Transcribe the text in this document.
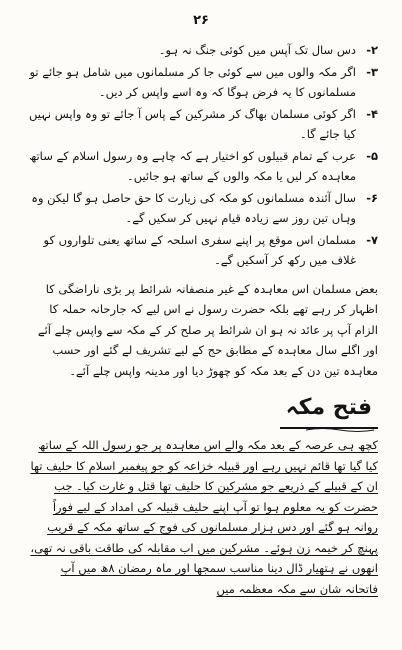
۲۶
۲-
دس سال تک آپس میں کوئی جنگ نہ ہو۔
۳-
اگر مکہ والوں میں سے کوئی جا کر مسلمانوں میں شامل ہو جائے تو مسلمانوں کا یہ فرض ہوگا کہ وہ اسے واپس کر دیں۔
۴-
اگر کوئی مسلمان بھاگ کر مشرکین کے پاس آ جائے تو وہ واپس نہیں کیا جائے گا۔
۵-
عرب کے تمام قبیلوں کو اختیار ہے کہ چاہے وہ رسول اسلام کے ساتھ معاہدہ کر لیں یا مکہ والوں کے ساتھ ہو جائیں۔
۶-
سال آئندہ مسلمانوں کو مکہ کی زیارت کا حق حاصل ہو گا لیکن وہ وہاں تین روز سے زیادہ قیام نہیں کر سکیں گے۔
۷-
مسلمان اس موقع پر اپنے سفری اسلحہ کے ساتھ یعنی تلواروں کو غلاف میں رکھ کر آسکیں گے۔
بعض مسلمان اس معاہدہ کے غیر منصفانہ شرائط پر بڑی ناراضگی کا اظہار کر رہے تھے بلکہ حضرت رسول نے اس لیے کہ جارحانہ حملہ کا الزام آپ پر عائد نہ ہو ان شرائط پر صلح کر کے مکہ سے واپس چلے آئے اور اگلے سال معاہدہ کے مطابق حج کے لیے تشریف لے گئے اور حسب معاہدہ تین دن کے بعد مکہ کو چھوڑ دیا اور مدینہ واپس چلے آئے۔
فتح مکہ
کچھ ہی عرصہ کے بعد مکہ والے اس معاہدہ پر جو رسول اللہ کے ساتھ کیا گیا تھا قائم نہیں رہے اور قبیلہ خزاعہ کو جو پیغمبر اسلام کا حلیف تھا ان کے قبیلے کے ذریعے جو مشرکین کا حلیف تھا قتل و غارت کیا۔ جب حضرت کو یہ معلوم ہوا تو آپ اپنے حلیف قبیلہ کی امداد کے لیے فوراً روانہ ہو گئے اور دس ہزار مسلمانوں کی فوج کے ساتھ مکہ کے قریب پہنچ کر خیمہ زن ہوئے۔ مشرکین میں اب مقابلہ کی طاقت باقی نہ تھی، انھوں نے ہتھیار ڈال دینا مناسب سمجھا اور ماہ رمضان ۸ھ میں آپ فاتحانہ شان سے مکہ معظمہ میں
